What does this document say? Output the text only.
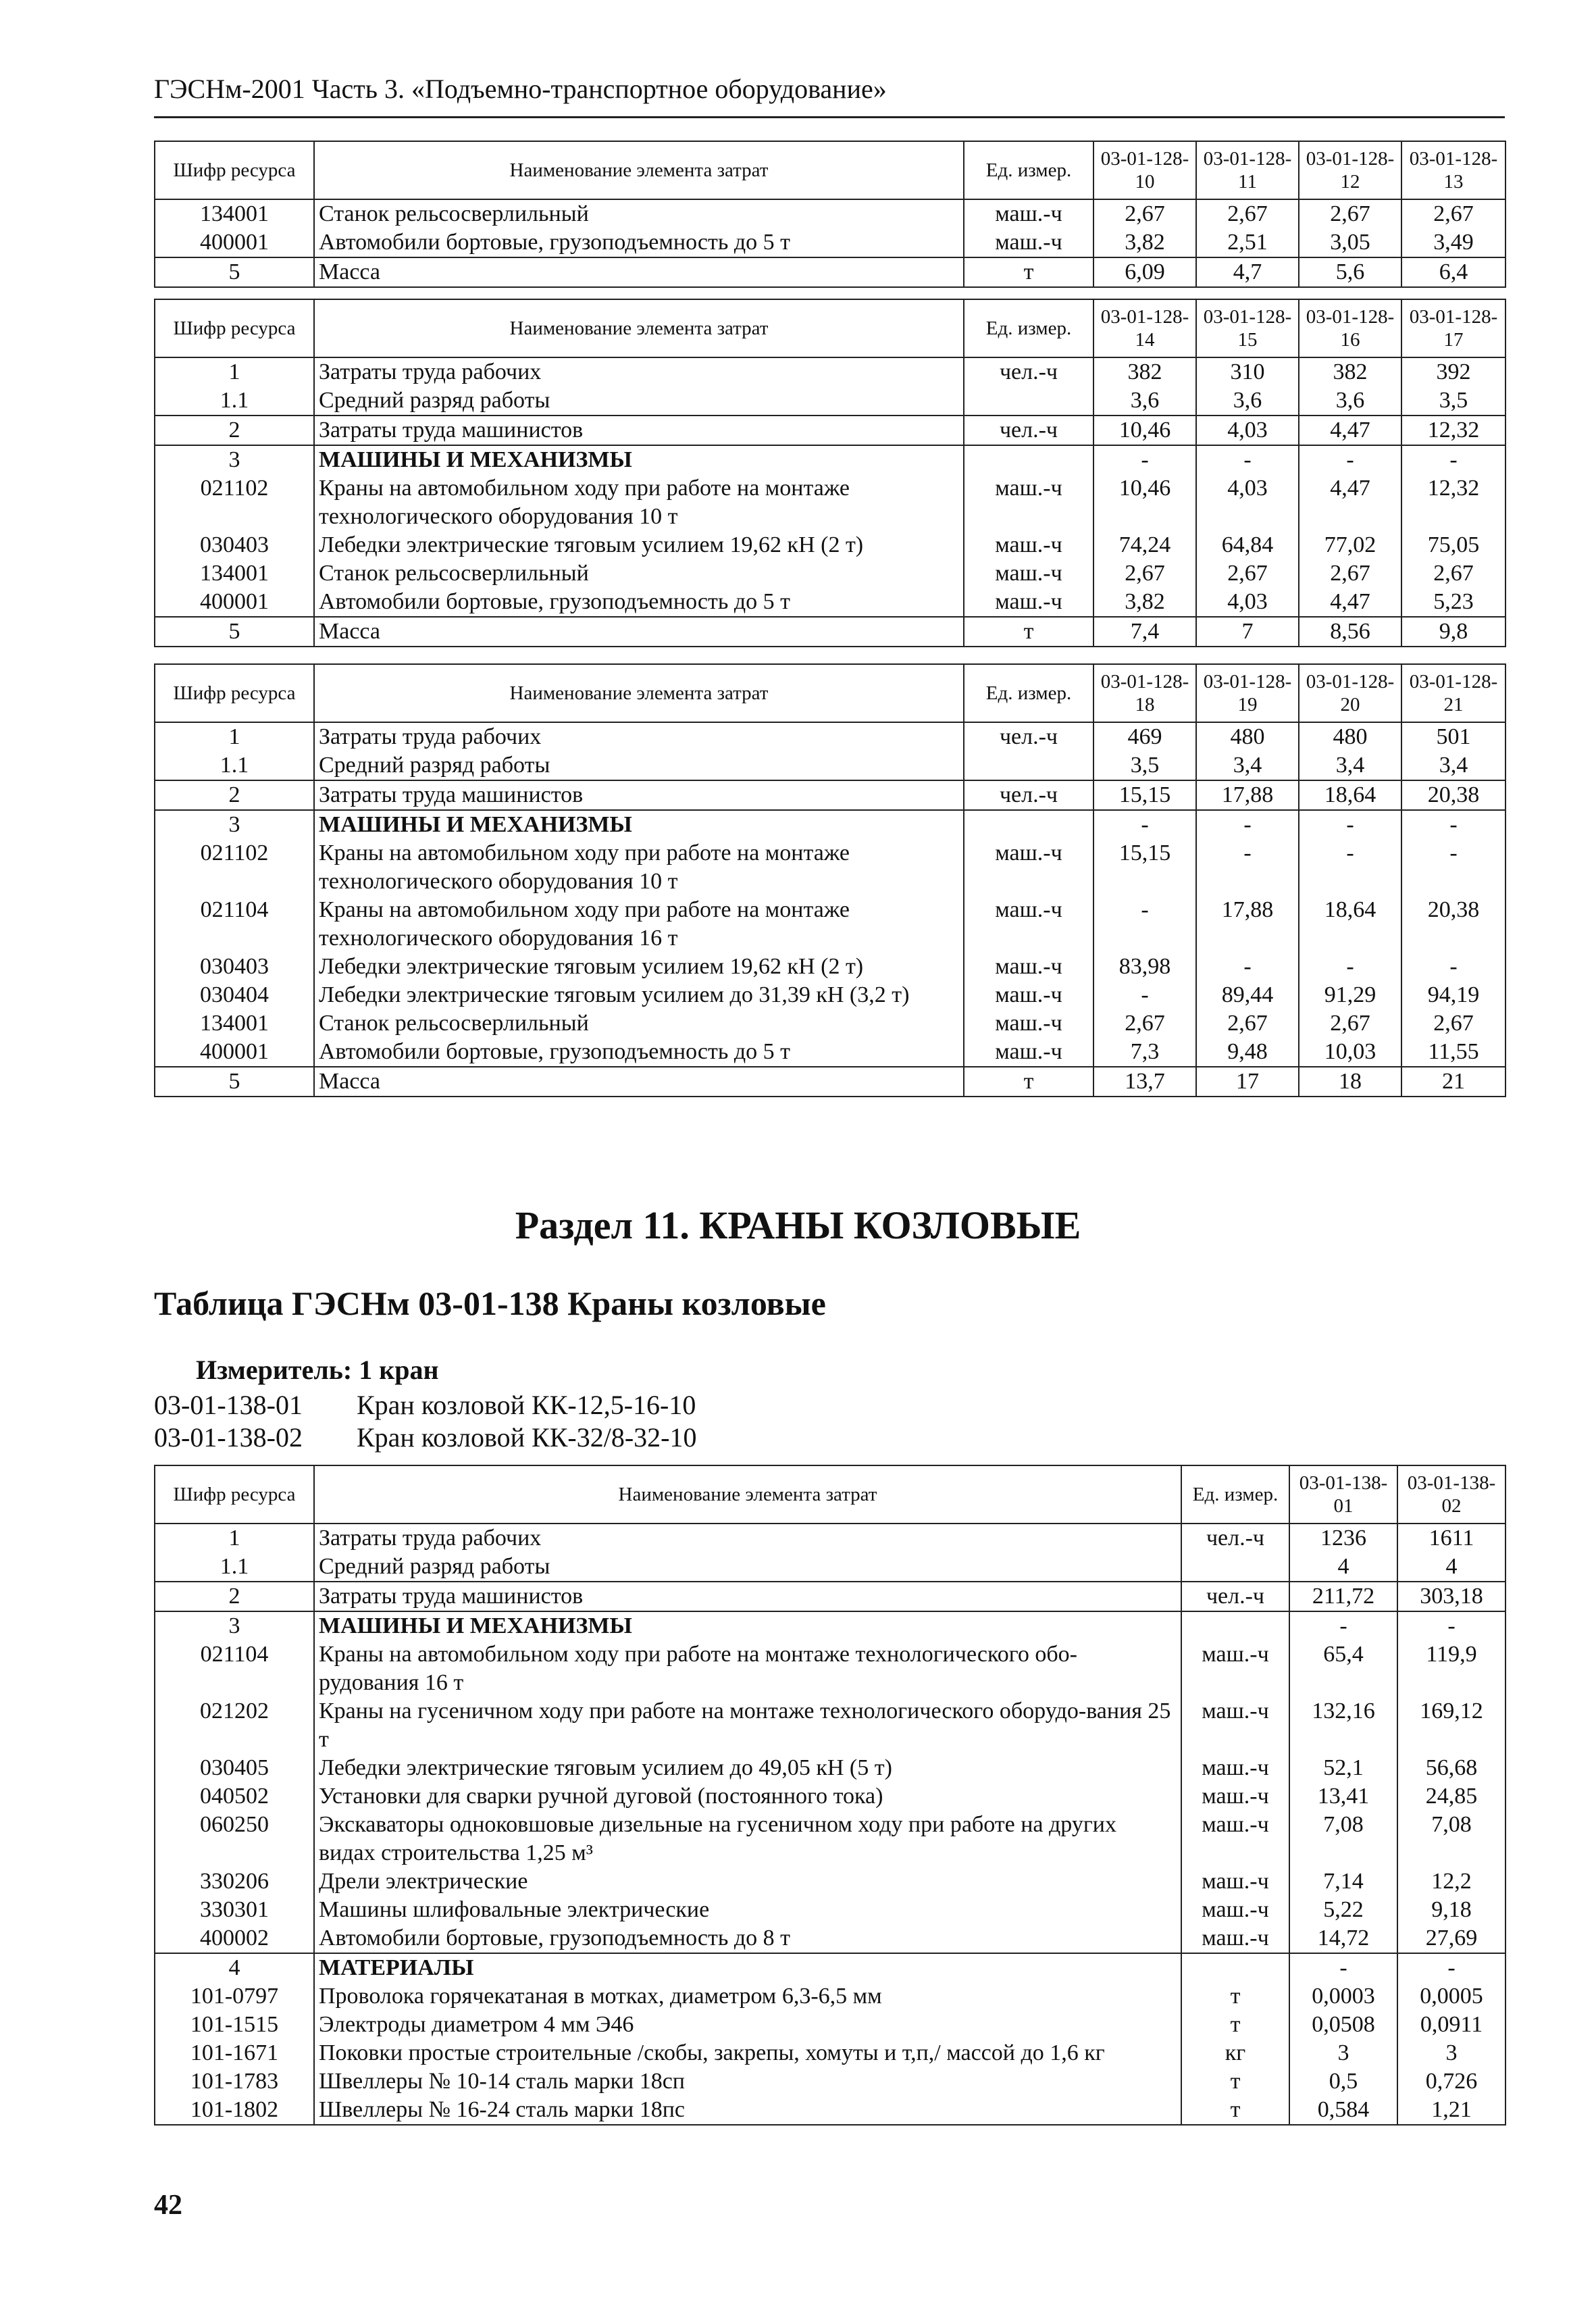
ГЭСНм-2001 Часть 3. «Подъемно-транспортное оборудование»
Шифр ресурса	Наименование элемента затрат	Ед. измер.	03-01-128-10	03-01-128-11	03-01-128-12	03-01-128-13
134001	Станок рельсосверлильный	маш.-ч	2,67	2,67	2,67	2,67
400001	Автомобили бортовые, грузоподъемность до 5 т	маш.-ч	3,82	2,51	3,05	3,49
5	Масса	т	6,09	4,7	5,6	6,4
Шифр ресурса	Наименование элемента затрат	Ед. измер.	03-01-128-14	03-01-128-15	03-01-128-16	03-01-128-17
1	Затраты труда рабочих	чел.-ч	382	310	382	392
1.1	Средний разряд работы		3,6	3,6	3,6	3,5
2	Затраты труда машинистов	чел.-ч	10,46	4,03	4,47	12,32
3	МАШИНЫ И МЕХАНИЗМЫ		-	-	-	-
021102	Краны на автомобильном ходу при работе на монтаже технологического оборудования 10 т	маш.-ч	10,46	4,03	4,47	12,32
030403	Лебедки электрические тяговым усилием 19,62 кН (2 т)	маш.-ч	74,24	64,84	77,02	75,05
134001	Станок рельсосверлильный	маш.-ч	2,67	2,67	2,67	2,67
400001	Автомобили бортовые, грузоподъемность до 5 т	маш.-ч	3,82	4,03	4,47	5,23
5	Масса	т	7,4	7	8,56	9,8
Шифр ресурса	Наименование элемента затрат	Ед. измер.	03-01-128-18	03-01-128-19	03-01-128-20	03-01-128-21
1	Затраты труда рабочих	чел.-ч	469	480	480	501
1.1	Средний разряд работы		3,5	3,4	3,4	3,4
2	Затраты труда машинистов	чел.-ч	15,15	17,88	18,64	20,38
3	МАШИНЫ И МЕХАНИЗМЫ		-	-	-	-
021102	Краны на автомобильном ходу при работе на монтаже технологического оборудования 10 т	маш.-ч	15,15	-	-	-
021104	Краны на автомобильном ходу при работе на монтаже технологического оборудования 16 т	маш.-ч	-	17,88	18,64	20,38
030403	Лебедки электрические тяговым усилием 19,62 кН (2 т)	маш.-ч	83,98	-	-	-
030404	Лебедки электрические тяговым усилием до 31,39 кН (3,2 т)	маш.-ч	-	89,44	91,29	94,19
134001	Станок рельсосверлильный	маш.-ч	2,67	2,67	2,67	2,67
400001	Автомобили бортовые, грузоподъемность до 5 т	маш.-ч	7,3	9,48	10,03	11,55
5	Масса	т	13,7	17	18	21
Раздел 11. КРАНЫ КОЗЛОВЫЕ
Таблица ГЭСНм 03-01-138 Краны козловые
Измеритель: 1 кран
03-01-138-01 Кран козловой КК-12,5-16-10
03-01-138-02 Кран козловой КК-32/8-32-10
Шифр ресурса	Наименование элемента затрат	Ед. измер.	03-01-138-01	03-01-138-02
1	Затраты труда рабочих	чел.-ч	1236	1611
1.1	Средний разряд работы		4	4
2	Затраты труда машинистов	чел.-ч	211,72	303,18
3	МАШИНЫ И МЕХАНИЗМЫ		-	-
021104	Краны на автомобильном ходу при работе на монтаже технологического обо-рудования 16 т	маш.-ч	65,4	119,9
021202	Краны на гусеничном ходу при работе на монтаже технологического оборудо-вания 25 т	маш.-ч	132,16	169,12
030405	Лебедки электрические тяговым усилием до 49,05 кН (5 т)	маш.-ч	52,1	56,68
040502	Установки для сварки ручной дуговой (постоянного тока)	маш.-ч	13,41	24,85
060250	Экскаваторы одноковшовые дизельные на гусеничном ходу при работе на других видах строительства 1,25 м³	маш.-ч	7,08	7,08
330206	Дрели электрические	маш.-ч	7,14	12,2
330301	Машины шлифовальные электрические	маш.-ч	5,22	9,18
400002	Автомобили бортовые, грузоподъемность до 8 т	маш.-ч	14,72	27,69
4	МАТЕРИАЛЫ		-	-
101-0797	Проволока горячекатаная в мотках, диаметром 6,3-6,5 мм	т	0,0003	0,0005
101-1515	Электроды диаметром 4 мм Э46	т	0,0508	0,0911
101-1671	Поковки простые строительные /скобы, закрепы, хомуты и т,п,/ массой до 1,6 кг	кг	3	3
101-1783	Швеллеры № 10-14 сталь марки 18сп	т	0,5	0,726
101-1802	Швеллеры № 16-24 сталь марки 18пс	т	0,584	1,21
42
